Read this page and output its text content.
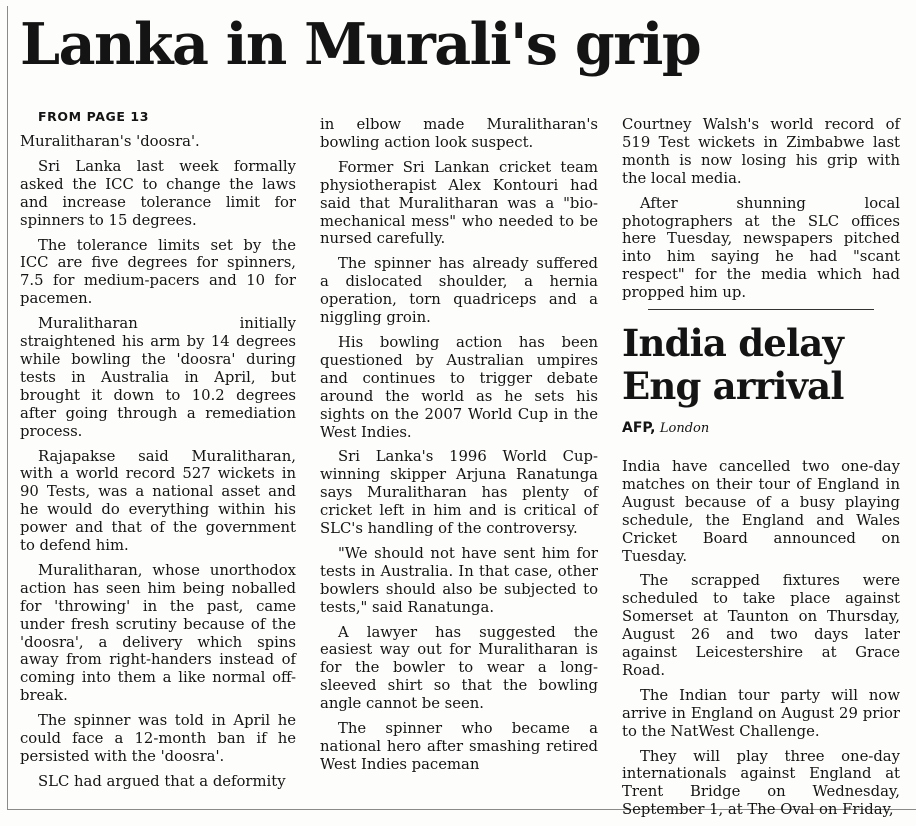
Lanka in Murali's grip

FROM PAGE 13

Muralitharan's 'doosra'.

Sri Lanka last week formally asked the ICC to change the laws and increase tolerance limit for spinners to 15 degrees.

The tolerance limits set by the ICC are five degrees for spinners, 7.5 for medium-pacers and 10 for pacemen.

Muralitharan initially straightened his arm by 14 degrees while bowling the 'doosra' during tests in Australia in April, but brought it down to 10.2 degrees after going through a remediation process.

Rajapakse said Muralitharan, with a world record 527 wickets in 90 Tests, was a national asset and he would do everything within his power and that of the government to defend him.

Muralitharan, whose unorthodox action has seen him being noballed for 'throwing' in the past, came under fresh scrutiny because of the 'doosra', a delivery which spins away from right-handers instead of coming into them a like normal off-break.

The spinner was told in April he could face a 12-month ban if he persisted with the 'doosra'.

SLC had argued that a deformity

in elbow made Muralitharan's bowling action look suspect.

Former Sri Lankan cricket team physiotherapist Alex Kontouri had said that Muralitharan was a "bio-mechanical mess" who needed to be nursed carefully.

The spinner has already suffered a dislocated shoulder, a hernia operation, torn quadriceps and a niggling groin.

His bowling action has been questioned by Australian umpires and continues to trigger debate around the world as he sets his sights on the 2007 World Cup in the West Indies.

Sri Lanka's 1996 World Cup-winning skipper Arjuna Ranatunga says Muralitharan has plenty of cricket left in him and is critical of SLC's handling of the controversy.

"We should not have sent him for tests in Australia. In that case, other bowlers should also be subjected to tests," said Ranatunga.

A lawyer has suggested the easiest way out for Muralitharan is for the bowler to wear a long-sleeved shirt so that the bowling angle cannot be seen.

The spinner who became a national hero after smashing retired West Indies paceman

Courtney Walsh's world record of 519 Test wickets in Zimbabwe last month is now losing his grip with the local media.

After shunning local photographers at the SLC offices here Tuesday, newspapers pitched into him saying he had "scant respect" for the media which had propped him up.

India delay
Eng arrival
AFP, London

India have cancelled two one-day matches on their tour of England in August because of a busy playing schedule, the England and Wales Cricket Board announced on Tuesday.

The scrapped fixtures were scheduled to take place against Somerset at Taunton on Thursday, August 26 and two days later against Leicestershire at Grace Road.

The Indian tour party will now arrive in England on August 29 prior to the NatWest Challenge.

They will play three one-day internationals against England at Trent Bridge on Wednesday, September 1, at The Oval on Friday,
